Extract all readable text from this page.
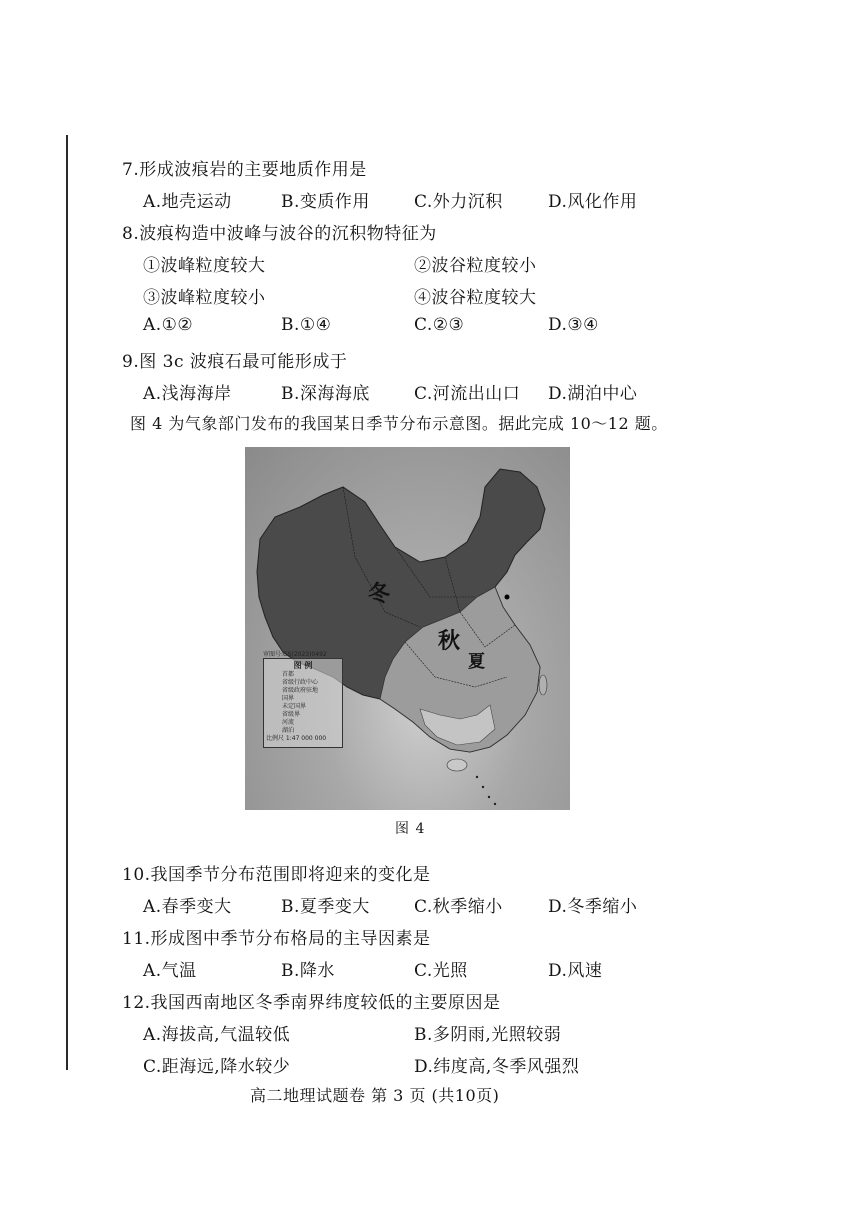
7.形成波痕岩的主要地质作用是
A.地壳运动	B.变质作用	C.外力沉积	D.风化作用
8.波痕构造中波峰与波谷的沉积物特征为
①波峰粒度较大	②波谷粒度较小
③波峰粒度较小	④波谷粒度较大
A.①②	B.①④	C.②③	D.③④
9.图 3c 波痕石最可能形成于
A.浅海海岸	B.深海海底	C.河流出山口 D.湖泊中心
图 4 为气象部门发布的我国某日季节分布示意图。据此完成 10～12 题。
冬
秋
夏
审图号:GS(2023)0492
图 例
首都
省级行政中心
省级政府驻地
国界
未定国界
省级界
河流
湖泊
比例尺 1:47 000 000
图 4
10.我国季节分布范围即将迎来的变化是
A.春季变大	B.夏季变大	C.秋季缩小	D.冬季缩小
11.形成图中季节分布格局的主导因素是
A.气温	B.降水	C.光照	D.风速
12.我国西南地区冬季南界纬度较低的主要原因是
A.海拔高,气温较低	B.多阴雨,光照较弱
C.距海远,降水较少	D.纬度高,冬季风强烈
高二地理试题卷 第 3 页 (共10页)
